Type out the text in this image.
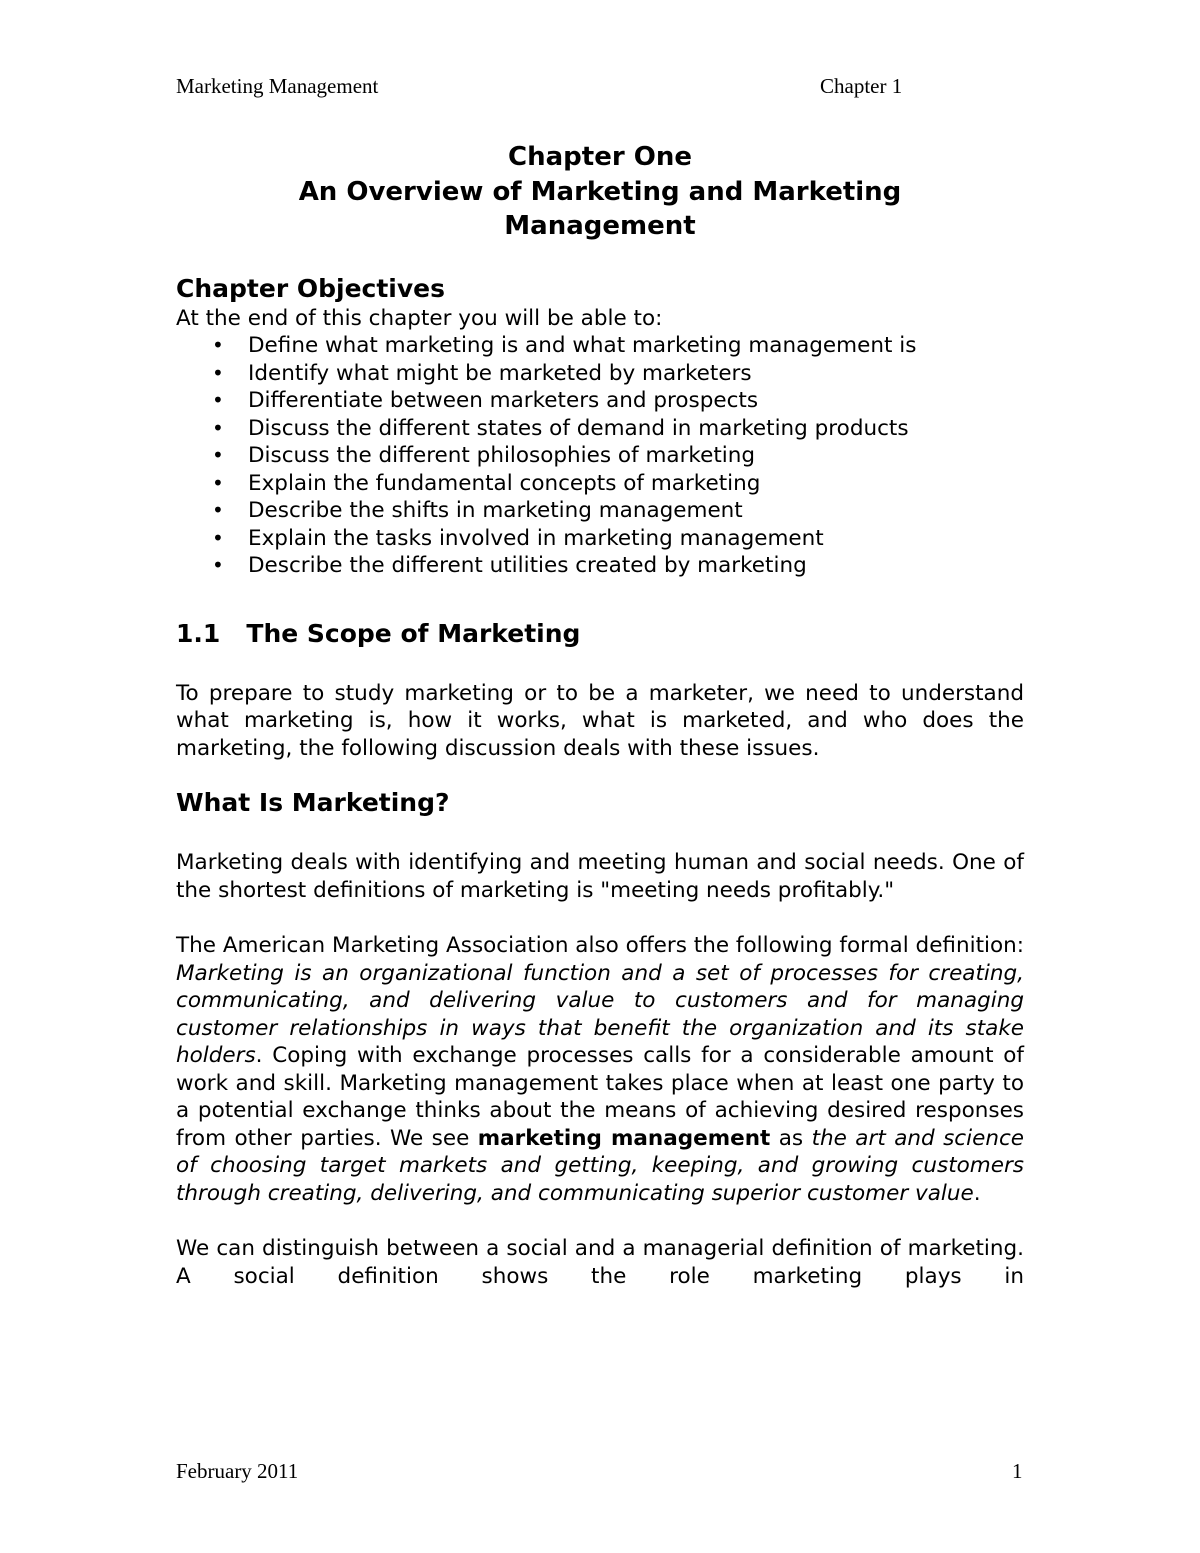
Marketing Management	Chapter 1
Chapter One
An Overview of Marketing and Marketing
Management
Chapter Objectives

At the end of this chapter you will be able to:

• Define what marketing is and what marketing management is
• Identify what might be marketed by marketers
• Differentiate between marketers and prospects
• Discuss the different states of demand in marketing products
• Discuss the different philosophies of marketing
• Explain the fundamental concepts of marketing
• Describe the shifts in marketing management
• Explain the tasks involved in marketing management
• Describe the different utilities created by marketing
1.1   The Scope of Marketing

To prepare to study marketing or to be a marketer, we need to understand what marketing is, how it works, what is marketed, and who does the marketing, the following discussion deals with these issues.

What Is Marketing?

Marketing deals with identifying and meeting human and social needs. One of the shortest definitions of marketing is "meeting needs profitably."

The American Marketing Association also offers the following formal definition: Marketing is an organizational function and a set of processes for creating, communicating, and delivering value to customers and for managing customer relationships in ways that benefit the organization and its stake holders. Coping with exchange processes calls for a considerable amount of work and skill. Marketing management takes place when at least one party to a potential exchange thinks about the means of achieving desired responses from other parties. We see marketing management as the art and science of choosing target markets and getting, keeping, and growing customers through creating, delivering, and communicating superior customer value.

We can distinguish between a social and a managerial definition of marketing. A social definition shows the role marketing plays in

February 2011	1
